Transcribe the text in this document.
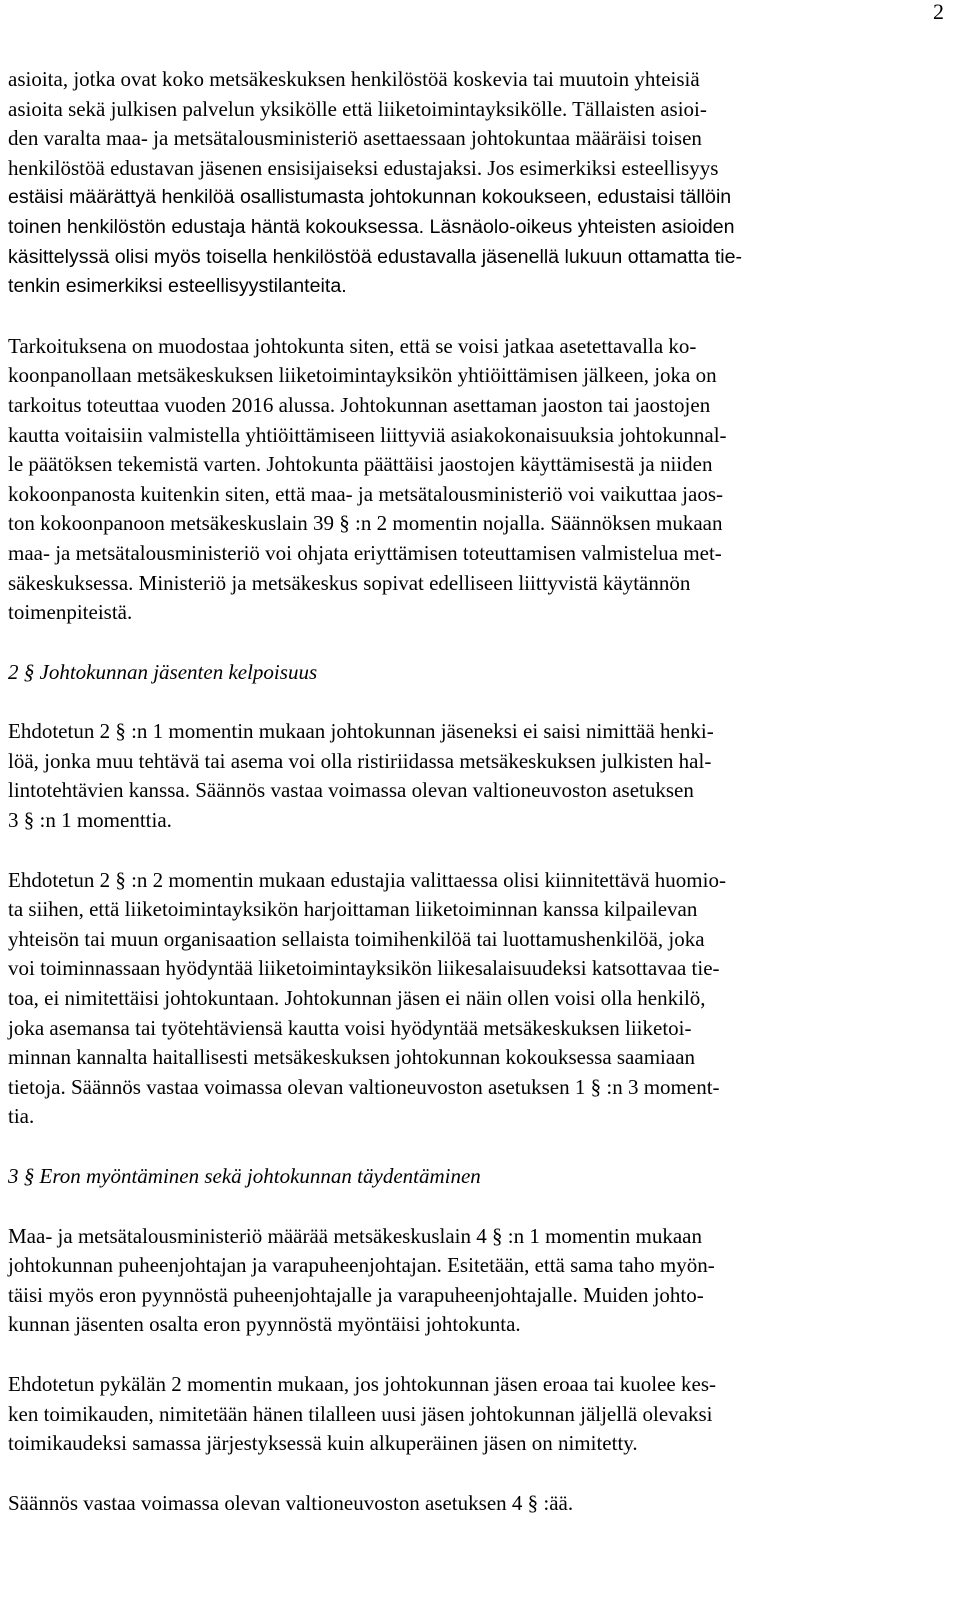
2
asioita, jotka ovat koko metsäkeskuksen henkilöstöä koskevia tai muutoin yhteisiä
asioita sekä julkisen palvelun yksikölle että liiketoimintayksikölle. Tällaisten asioi-
den varalta maa- ja metsätalousministeriö asettaessaan johtokuntaa määräisi toisen
henkilöstöä edustavan jäsenen ensisijaiseksi edustajaksi. Jos esimerkiksi esteellisyys
estäisi määrättyä henkilöä osallistumasta johtokunnan kokoukseen, edustaisi tällöin
toinen henkilöstön edustaja häntä kokouksessa. Läsnäolo-oikeus yhteisten asioiden
käsittelyssä olisi myös toisella henkilöstöä edustavalla jäsenellä lukuun ottamatta tie-
tenkin esimerkiksi esteellisyystilanteita.
Tarkoituksena on muodostaa johtokunta siten, että se voisi jatkaa asetettavalla ko-
koonpanollaan metsäkeskuksen liiketoimintayksikön yhtiöittämisen jälkeen, joka on
tarkoitus toteuttaa vuoden 2016 alussa. Johtokunnan asettaman jaoston tai jaostojen
kautta voitaisiin valmistella yhtiöittämiseen liittyviä asiakokonaisuuksia johtokunnal-
le päätöksen tekemistä varten. Johtokunta päättäisi jaostojen käyttämisestä ja niiden
kokoonpanosta kuitenkin siten, että maa- ja metsätalousministeriö voi vaikuttaa jaos-
ton kokoonpanoon metsäkeskuslain 39 § :n 2 momentin nojalla. Säännöksen mukaan
maa- ja metsätalousministeriö voi ohjata eriyttämisen toteuttamisen valmistelua met-
säkeskuksessa. Ministeriö ja metsäkeskus sopivat edelliseen liittyvistä käytännön
toimenpiteistä.
2 § Johtokunnan jäsenten kelpoisuus
Ehdotetun 2 § :n 1 momentin mukaan johtokunnan jäseneksi ei saisi nimittää henki-
löä, jonka muu tehtävä tai asema voi olla ristiriidassa metsäkeskuksen julkisten hal-
lintotehtävien kanssa. Säännös vastaa voimassa olevan valtioneuvoston asetuksen
3 § :n 1 momenttia.
Ehdotetun 2 § :n 2 momentin mukaan edustajia valittaessa olisi kiinnitettävä huomio-
ta siihen, että liiketoimintayksikön harjoittaman liiketoiminnan kanssa kilpailevan
yhteisön tai muun organisaation sellaista toimihenkilöä tai luottamushenkilöä, joka
voi toiminnassaan hyödyntää liiketoimintayksikön liikesalaisuudeksi katsottavaa tie-
toa, ei nimitettäisi johtokuntaan. Johtokunnan jäsen ei näin ollen voisi olla henkilö,
joka asemansa tai työtehtäviensä kautta voisi hyödyntää metsäkeskuksen liiketoi-
minnan kannalta haitallisesti metsäkeskuksen johtokunnan kokouksessa saamiaan
tietoja. Säännös vastaa voimassa olevan valtioneuvoston asetuksen 1 § :n 3 moment-
tia.
3 § Eron myöntäminen sekä johtokunnan täydentäminen
Maa- ja metsätalousministeriö määrää metsäkeskuslain 4 § :n 1 momentin mukaan
johtokunnan puheenjohtajan ja varapuheenjohtajan. Esitetään, että sama taho myön-
täisi myös eron pyynnöstä puheenjohtajalle ja varapuheenjohtajalle. Muiden johto-
kunnan jäsenten osalta eron pyynnöstä myöntäisi johtokunta.
Ehdotetun pykälän 2 momentin mukaan, jos johtokunnan jäsen eroaa tai kuolee kes-
ken toimikauden, nimitetään hänen tilalleen uusi jäsen johtokunnan jäljellä olevaksi
toimikaudeksi samassa järjestyksessä kuin alkuperäinen jäsen on nimitetty.
Säännös vastaa voimassa olevan valtioneuvoston asetuksen 4 § :ää.
